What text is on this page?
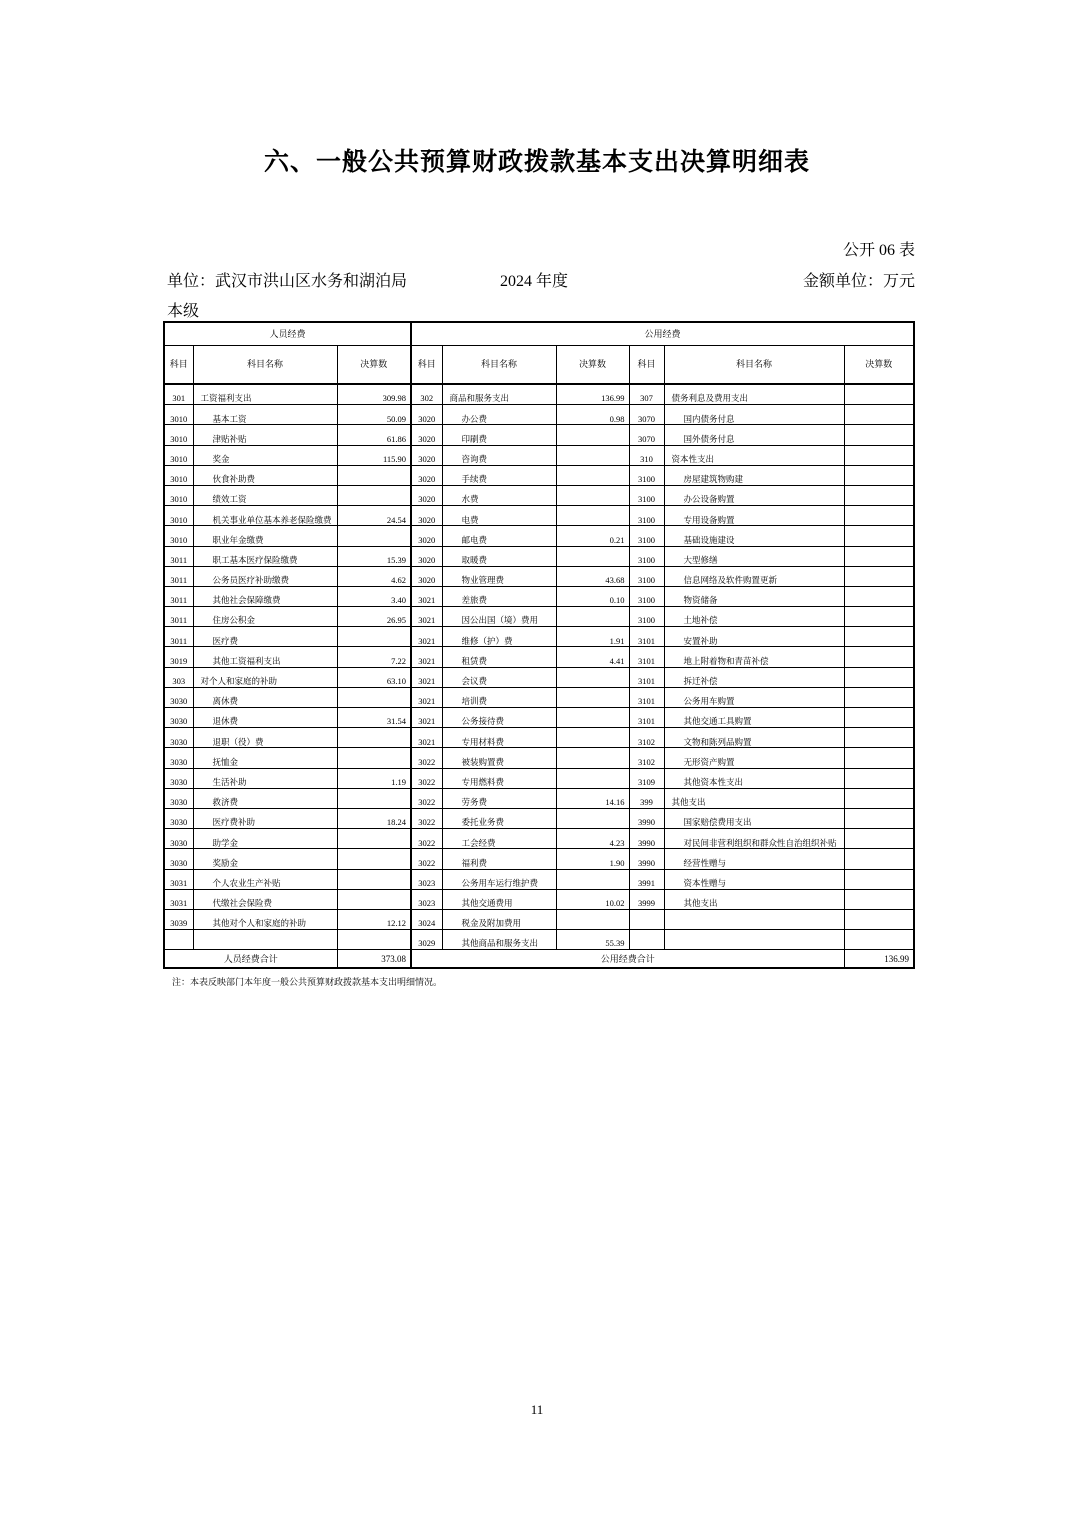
六、一般公共预算财政拨款基本支出决算明细表
公开 06 表
单位：武汉市洪山区水务和湖泊局	2024 年度	金额单位：万元
本级
人员经费			公用经费					
科目	科目名称	决算数	科目	科目名称	决算数	科目	科目名称	决算数
301	工资福利支出	309.98	302	商品和服务支出	136.99	307	债务利息及费用支出	
3010	基本工资	50.09	3020	办公费	0.98	3070	国内债务付息	
3010	津贴补贴	61.86	3020	印刷费		3070	国外债务付息	
3010	奖金	115.90	3020	咨询费		310	资本性支出	
3010	伙食补助费		3020	手续费		3100	房屋建筑物购建	
3010	绩效工资		3020	水费		3100	办公设备购置	
3010	机关事业单位基本养老保险缴费	24.54	3020	电费		3100	专用设备购置	
3010	职业年金缴费		3020	邮电费	0.21	3100	基础设施建设	
3011	职工基本医疗保险缴费	15.39	3020	取暖费		3100	大型修缮	
3011	公务员医疗补助缴费	4.62	3020	物业管理费	43.68	3100	信息网络及软件购置更新	
3011	其他社会保障缴费	3.40	3021	差旅费	0.10	3100	物资储备	
3011	住房公积金	26.95	3021	因公出国（境）费用		3100	土地补偿	
3011	医疗费		3021	维修（护）费	1.91	3101	安置补助	
3019	其他工资福利支出	7.22	3021	租赁费	4.41	3101	地上附着物和青苗补偿	
303	对个人和家庭的补助	63.10	3021	会议费		3101	拆迁补偿	
3030	离休费		3021	培训费		3101	公务用车购置	
3030	退休费	31.54	3021	公务接待费		3101	其他交通工具购置	
3030	退职（役）费		3021	专用材料费		3102	文物和陈列品购置	
3030	抚恤金		3022	被装购置费		3102	无形资产购置	
3030	生活补助	1.19	3022	专用燃料费		3109	其他资本性支出	
3030	救济费		3022	劳务费	14.16	399	其他支出	
3030	医疗费补助	18.24	3022	委托业务费		3990	国家赔偿费用支出	
3030	助学金		3022	工会经费	4.23	3990	对民间非营利组织和群众性自治组织补贴	
3030	奖励金		3022	福利费	1.90	3990	经营性赠与	
3031	个人农业生产补贴		3023	公务用车运行维护费		3991	资本性赠与	
3031	代缴社会保险费		3023	其他交通费用	10.02	3999	其他支出	
3039	其他对个人和家庭的补助	12.12	3024	税金及附加费用				
			3029	其他商品和服务支出	55.39			
人员经费合计		373.08	公用经费合计					136.99
注：本表反映部门本年度一般公共预算财政拨款基本支出明细情况。
11
